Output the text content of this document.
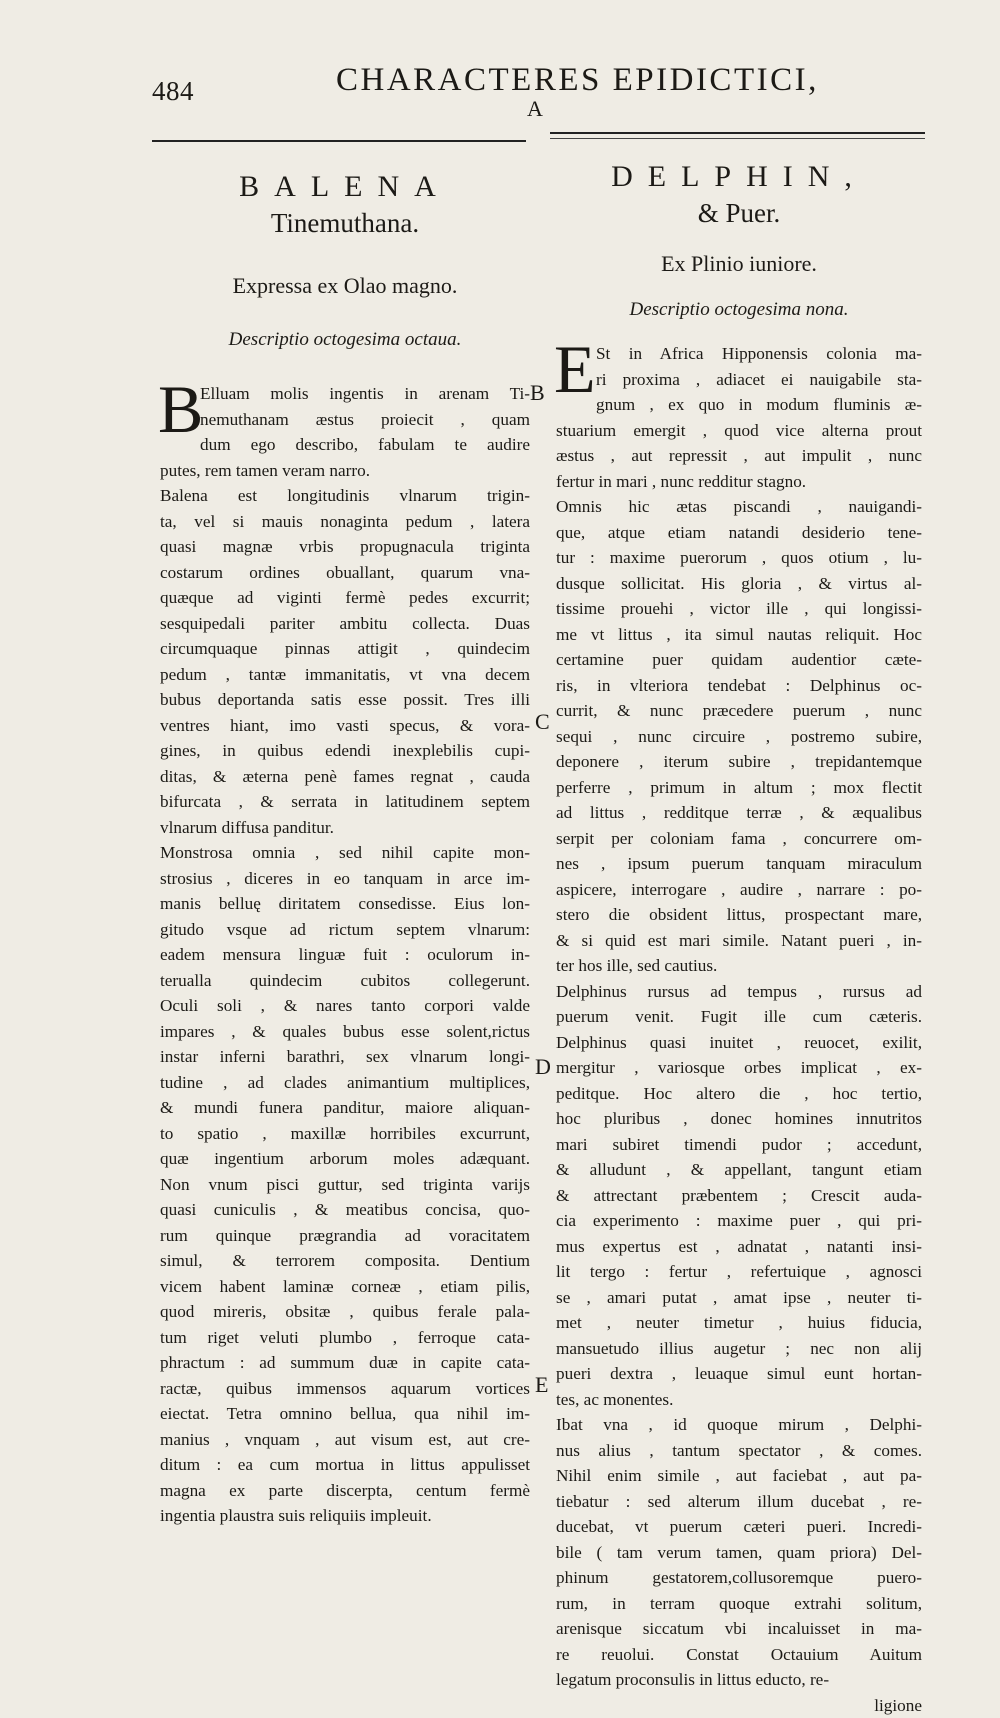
484	CHARACTERES EPIDICTICI,
A
B
C
D
E

BALENA

Tinemuthana.

Expressa ex Olao magno.

Descriptio octogesima octaua.

B
Elluam molis ingentis in arenam Ti-
nemuthanam æstus proiecit , quam
dum ego describo, fabulam te audire
putes, rem tamen veram narro.
Balena est longitudinis vlnarum trigin-
ta, vel si mauis nonaginta pedum , latera
quasi magnæ vrbis propugnacula triginta
costarum ordines obuallant, quarum vna-
quæque ad viginti fermè pedes excurrit;
sesquipedali pariter ambitu collecta. Duas
circumquaque pinnas attigit , quindecim
pedum , tantæ immanitatis, vt vna decem
bubus deportanda satis esse possit. Tres illi
ventres hiant, imo vasti specus, & vora-
gines, in quibus edendi inexplebilis cupi-
ditas, & æterna penè fames regnat , cauda
bifurcata , & serrata in latitudinem septem
vlnarum diffusa panditur.
Monstrosa omnia , sed nihil capite mon-
strosius , diceres in eo tanquam in arce im-
manis belluę diritatem consedisse. Eius lon-
gitudo vsque ad rictum septem vlnarum:
eadem mensura linguæ fuit : oculorum in-
terualla quindecim cubitos collegerunt.
Oculi soli , & nares tanto corpori valde
impares , & quales bubus esse solent,rictus
instar inferni barathri, sex vlnarum longi-
tudine , ad clades animantium multiplices,
& mundi funera panditur, maiore aliquan-
to spatio , maxillæ horribiles excurrunt,
quæ ingentium arborum moles adæquant.
Non vnum pisci guttur, sed triginta varijs
quasi cuniculis , & meatibus concisa, quo-
rum quinque prægrandia ad voracitatem
simul, & terrorem composita. Dentium
vicem habent laminæ corneæ , etiam pilis,
quod mireris, obsitæ , quibus ferale pala-
tum riget veluti plumbo , ferroque cata-
phractum : ad summum duæ in capite cata-
ractæ, quibus immensos aquarum vortices
eiectat. Tetra omnino bellua, qua nihil im-
manius , vnquam , aut visum est, aut cre-
ditum : ea cum mortua in littus appulisset
magna ex parte discerpta, centum fermè
ingentia plaustra suis reliquiis impleuit.

DELPHIN,

& Puer.

Ex Plinio iuniore.

Descriptio octogesima nona.

E St in Africa Hipponensis colonia ma-
ri proxima , adiacet ei nauigabile sta-
gnum , ex quo in modum fluminis æ-
stuarium emergit , quod vice alterna prout
æstus , aut repressit , aut impulit , nunc
fertur in mari , nunc redditur stagno.
Omnis hic ætas piscandi , nauigandi-
que, atque etiam natandi desiderio tene-
tur : maxime puerorum , quos otium , lu-
dusque sollicitat. His gloria , & virtus al-
tissime prouehi , victor ille , qui longissi-
me vt littus , ita simul nautas reliquit. Hoc
certamine puer quidam audentior cæte-
ris, in vlteriora tendebat : Delphinus oc-
currit, & nunc præcedere puerum , nunc
sequi , nunc circuire , postremo subire,
deponere , iterum subire , trepidantemque
perferre , primum in altum ; mox flectit
ad littus , redditque terræ , & æqualibus
serpit per coloniam fama , concurrere om-
nes , ipsum puerum tanquam miraculum
aspicere, interrogare , audire , narrare : po-
stero die obsident littus, prospectant mare,
& si quid est mari simile. Natant pueri , in-
ter hos ille, sed cautius.
Delphinus rursus ad tempus , rursus ad
puerum venit. Fugit ille cum cæteris.
Delphinus quasi inuitet , reuocet, exilit,
mergitur , variosque orbes implicat , ex-
peditque. Hoc altero die , hoc tertio,
hoc pluribus , donec homines innutritos
mari subiret timendi pudor ; accedunt,
& alludunt , & appellant, tangunt etiam
& attrectant præbentem ; Crescit auda-
cia experimento : maxime puer , qui pri-
mus expertus est , adnatat , natanti insi-
lit tergo : fertur , refertuique , agnosci
se , amari putat , amat ipse , neuter ti-
met , neuter timetur , huius fiducia,
mansuetudo illius augetur ; nec non alij
pueri dextra , leuaque simul eunt hortan-
tes, ac monentes.
Ibat vna , id quoque mirum , Delphi-
nus alius , tantum spectator , & comes.
Nihil enim simile , aut faciebat , aut pa-
tiebatur : sed alterum illum ducebat , re-
ducebat, vt puerum cæteri pueri. Incredi-
bile ( tam verum tamen, quam priora) Del-
phinum gestatorem,collusoremque puero-
rum, in terram quoque extrahi solitum,
arenisque siccatum vbi incaluisset in ma-
re reuolui. Constat Octauium Auitum
legatum proconsulis in littus educto, re-
ligione
